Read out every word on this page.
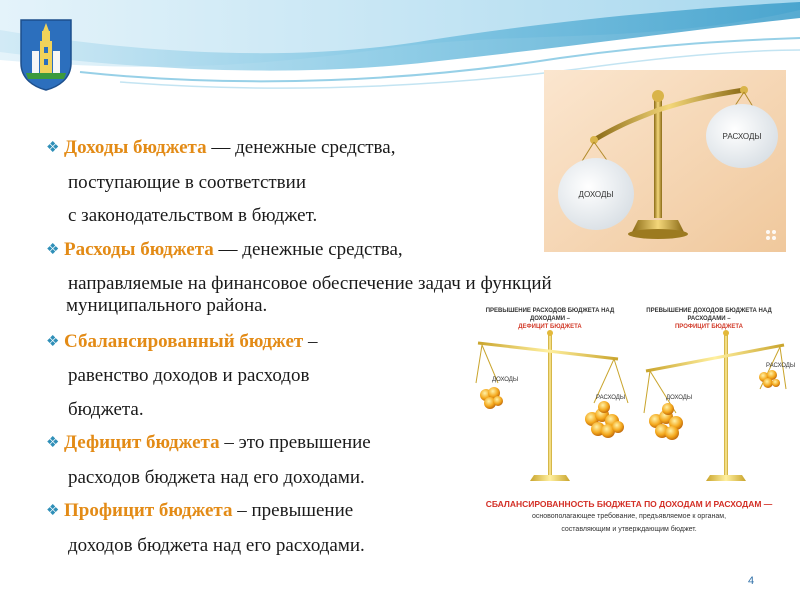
❖ Доходы бюджета — денежные средства,
поступающие в соответствии
с законодательством в бюджет.
❖ Расходы бюджета — денежные средства,
направляемые на финансовое обеспечение задач и функций
муниципального района.
❖ Сбалансированный бюджет –
равенство доходов и расходов
бюджета.
❖ Дефицит бюджета – это превышение
расходов бюджета над его доходами.
❖ Профицит бюджета – превышение
доходов бюджета над его расходами.
ДОХОДЫ
РАСХОДЫ
ПРЕВЫШЕНИЕ РАСХОДОВ БЮДЖЕТА НАД ДОХОДАМИ –
ДЕФИЦИТ БЮДЖЕТА
ПРЕВЫШЕНИЕ ДОХОДОВ БЮДЖЕТА НАД РАСХОДАМИ –
ПРОФИЦИТ БЮДЖЕТА
ДОХОДЫ
РАСХОДЫ	ДОХОДЫ
РАСХОДЫ
СБАЛАНСИРОВАННОСТЬ БЮДЖЕТА ПО ДОХОДАМ И РАСХОДАМ —
основополагающее требование, предъявляемое к органам,
составляющим и утверждающим бюджет.
4
